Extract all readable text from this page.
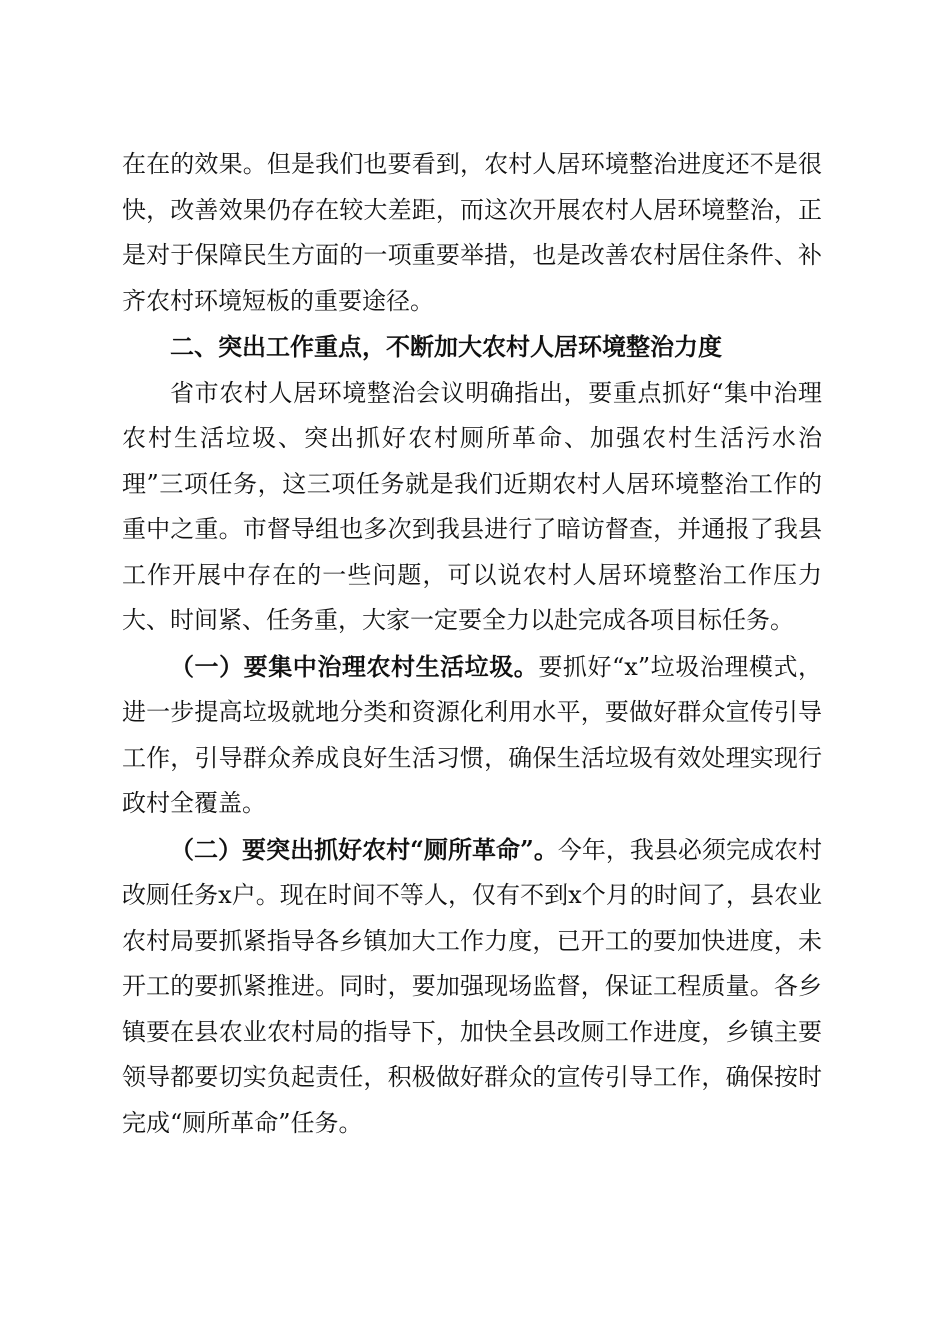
在在的效果。但是我们也要看到，农村人居环境整治进度还不是很快，改善效果仍存在较大差距，而这次开展农村人居环境整治，正是对于保障民生方面的一项重要举措，也是改善农村居住条件、补齐农村环境短板的重要途径。

二、突出工作重点，不断加大农村人居环境整治力度

省市农村人居环境整治会议明确指出，要重点抓好“集中治理农村生活垃圾、突出抓好农村厕所革命、加强农村生活污水治理”三项任务，这三项任务就是我们近期农村人居环境整治工作的重中之重。市督导组也多次到我县进行了暗访督查，并通报了我县工作开展中存在的一些问题，可以说农村人居环境整治工作压力大、时间紧、任务重，大家一定要全力以赴完成各项目标任务。

（一）要集中治理农村生活垃圾。要抓好“x”垃圾治理模式，进一步提高垃圾就地分类和资源化利用水平，要做好群众宣传引导工作，引导群众养成良好生活习惯，确保生活垃圾有效处理实现行政村全覆盖。

（二）要突出抓好农村“厕所革命”。今年，我县必须完成农村改厕任务x户。现在时间不等人，仅有不到x个月的时间了，县农业农村局要抓紧指导各乡镇加大工作力度，已开工的要加快进度，未开工的要抓紧推进。同时，要加强现场监督，保证工程质量。各乡镇要在县农业农村局的指导下，加快全县改厕工作进度，乡镇主要领导都要切实负起责任，积极做好群众的宣传引导工作，确保按时完成“厕所革命”任务。
